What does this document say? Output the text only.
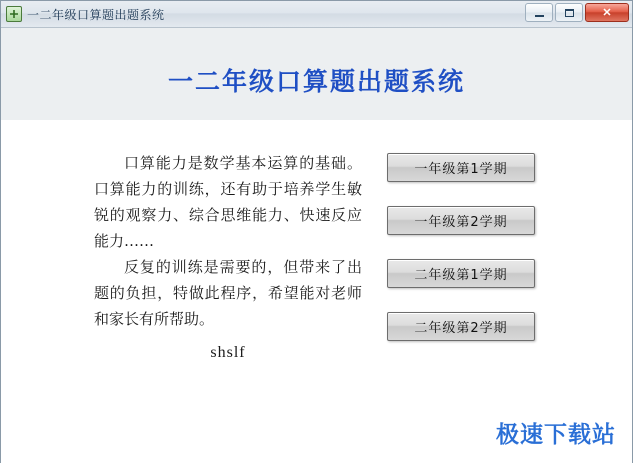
一二年级口算题出题系统	✕
一二年级口算题出题系统

口算能力是数学基本运算的基础。口算能力的训练，还有助于培养学生敏锐的观察力、综合思维能力、快速反应能力……

反复的训练是需要的，但带来了出题的负担，特做此程序，希望能对老师和家长有所帮助。

shslf
一年级第1学期
一年级第2学期
二年级第1学期
二年级第2学期
极速下载站
